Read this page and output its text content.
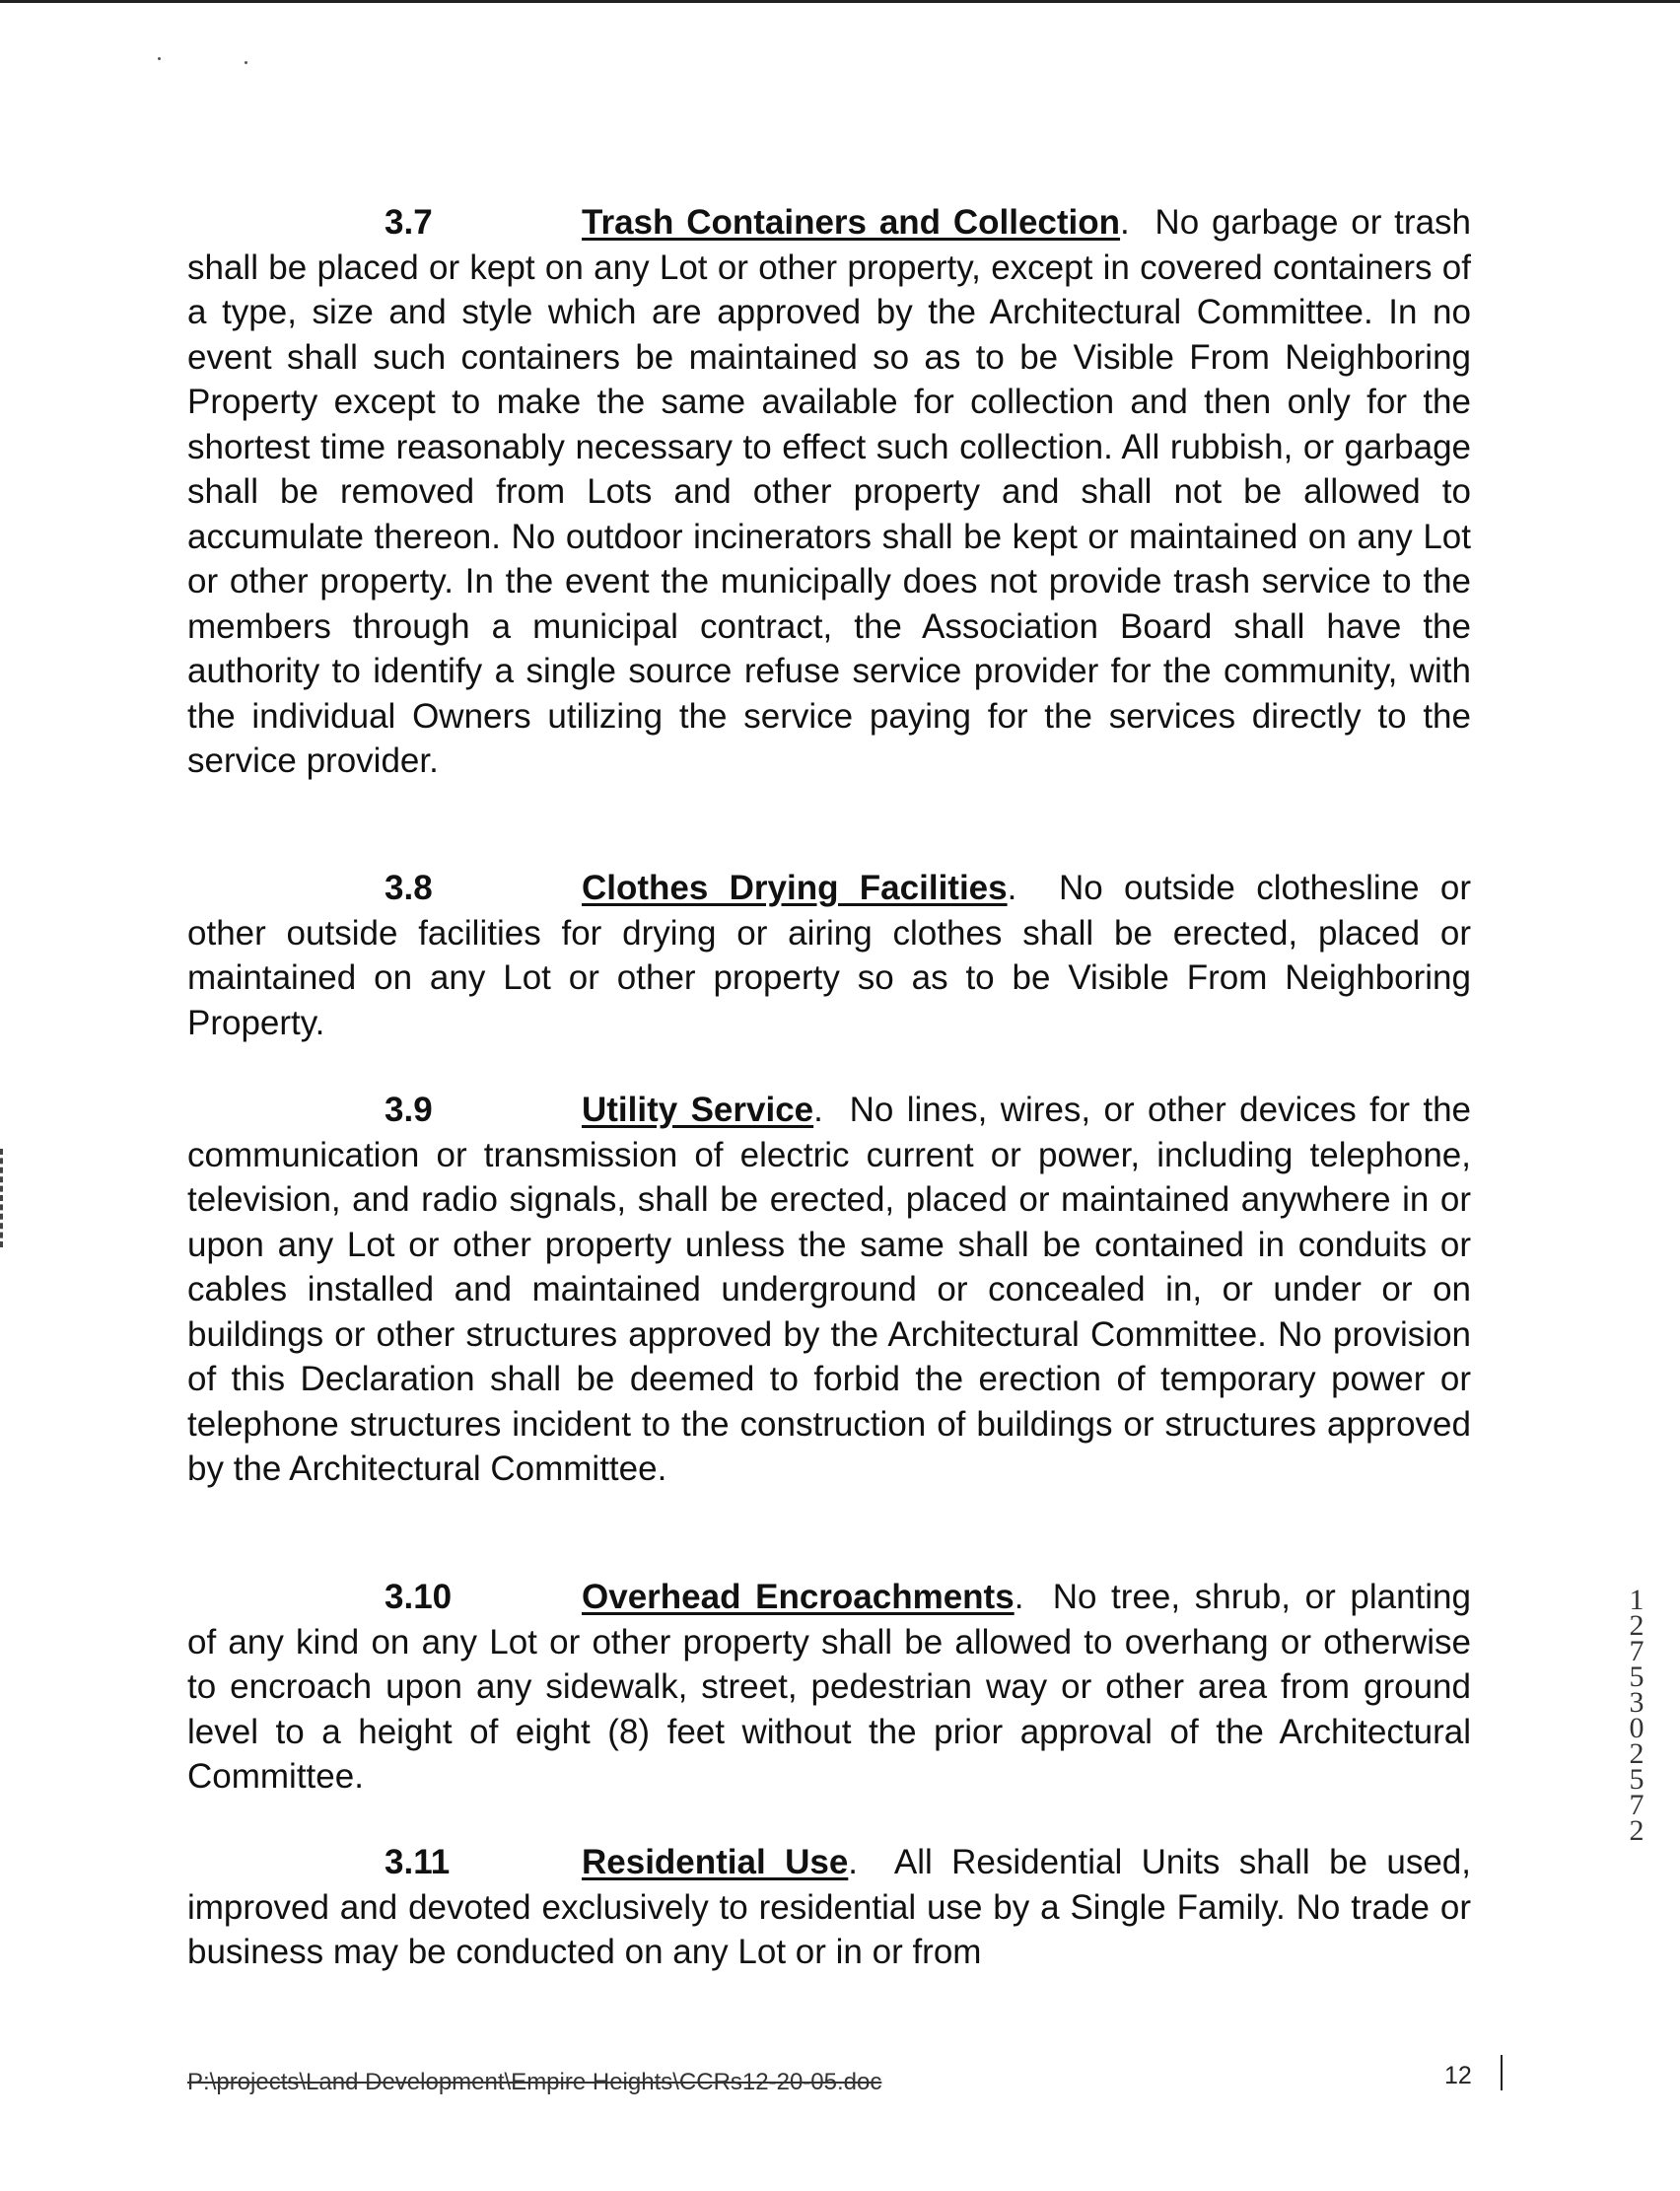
3.7	Trash Containers and Collection. No garbage or trash shall be placed or kept on any Lot or other property, except in covered containers of a type, size and style which are approved by the Architectural Committee. In no event shall such containers be maintained so as to be Visible From Neighboring Property except to make the same available for collection and then only for the shortest time reasonably necessary to effect such collection. All rubbish, or garbage shall be removed from Lots and other property and shall not be allowed to accumulate thereon. No outdoor incinerators shall be kept or maintained on any Lot or other property. In the event the municipally does not provide trash service to the members through a municipal contract, the Association Board shall have the authority to identify a single source refuse service provider for the community, with the individual Owners utilizing the service paying for the services directly to the service provider.

3.8	Clothes Drying Facilities. No outside clothesline or other outside facilities for drying or airing clothes shall be erected, placed or maintained on any Lot or other property so as to be Visible From Neighboring Property.

3.9	Utility Service. No lines, wires, or other devices for the communication or transmission of electric current or power, including telephone, television, and radio signals, shall be erected, placed or maintained anywhere in or upon any Lot or other property unless the same shall be contained in conduits or cables installed and maintained underground or concealed in, or under or on buildings or other structures approved by the Architectural Committee. No provision of this Declaration shall be deemed to forbid the erection of temporary power or telephone structures incident to the construction of buildings or structures approved by the Architectural Committee.

3.10	Overhead Encroachments. No tree, shrub, or planting of any kind on any Lot or other property shall be allowed to overhang or otherwise to encroach upon any sidewalk, street, pedestrian way or other area from ground level to a height of eight (8) feet without the prior approval of the Architectural Committee.

3.11	Residential Use. All Residential Units shall be used, improved and devoted exclusively to residential use by a Single Family. No trade or business may be conducted on any Lot or in or from

12753 02572
P:\projects\Land Development\Empire Heights\CCRs12-20-05.doc	12
